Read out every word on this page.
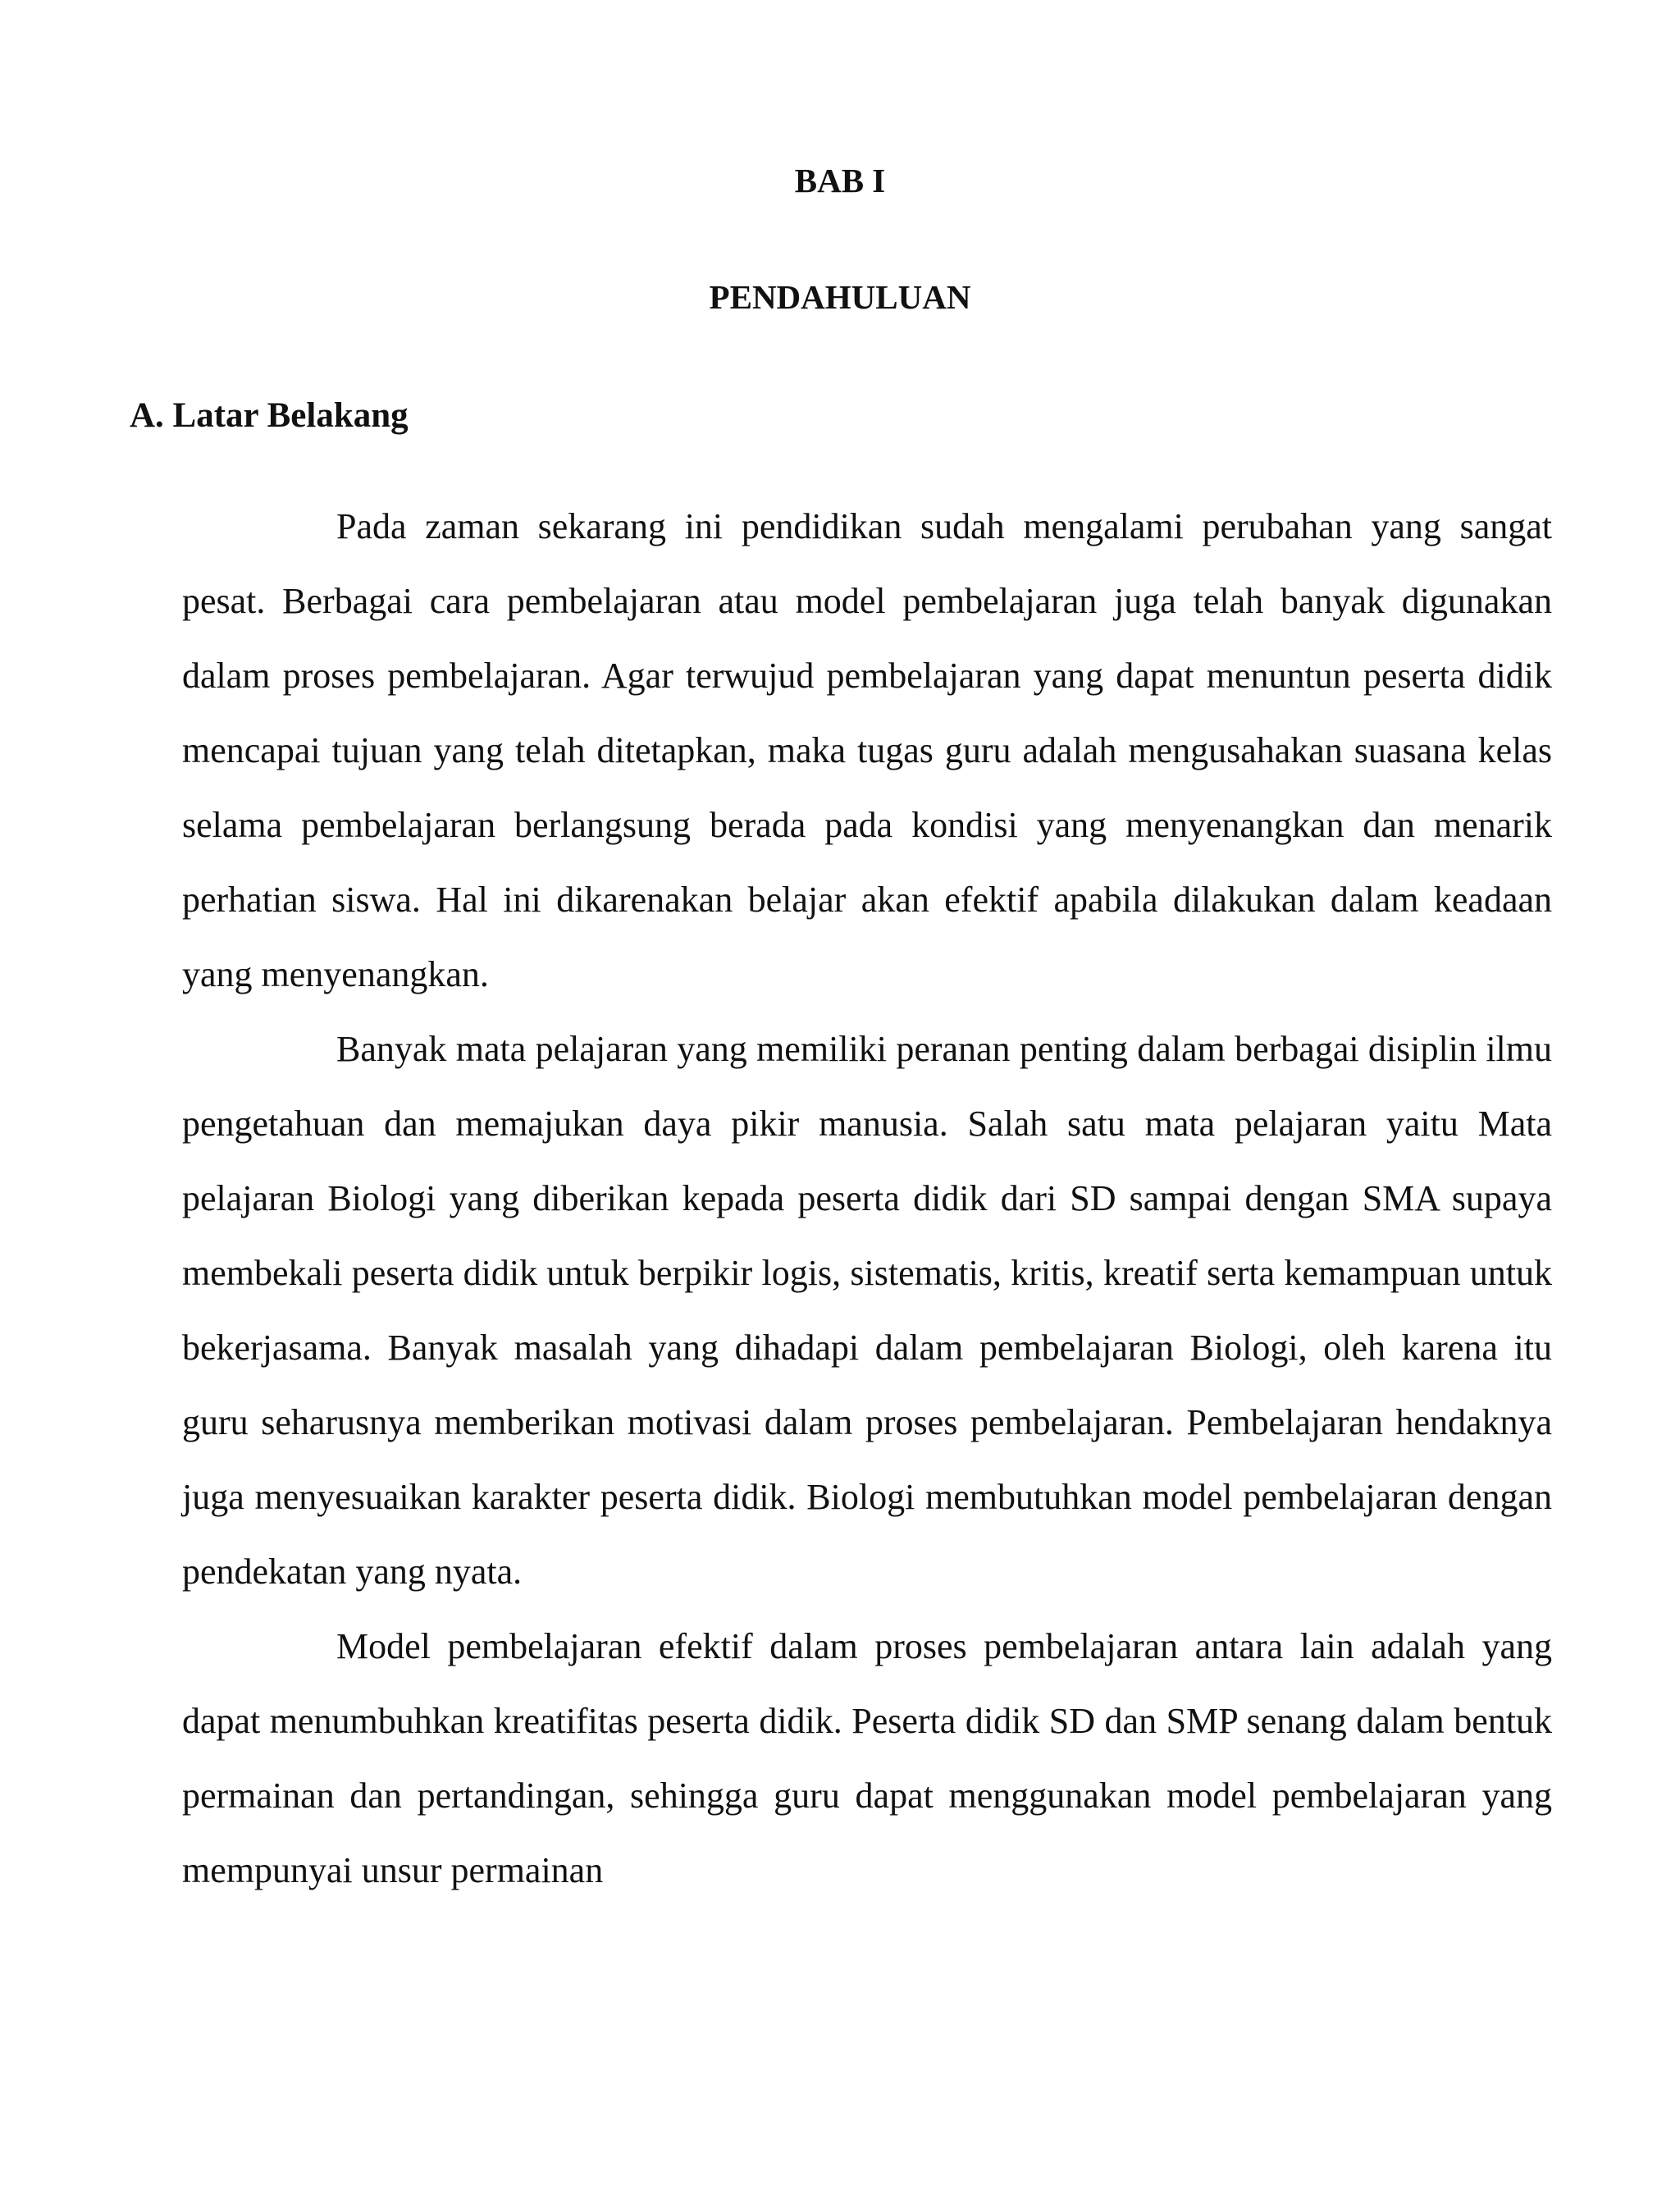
BAB I
PENDAHULUAN
A. Latar Belakang

Pada zaman sekarang ini pendidikan sudah mengalami perubahan yang sangat pesat. Berbagai cara pembelajaran atau model pembelajaran juga telah banyak digunakan dalam proses pembelajaran. Agar terwujud pembelajaran yang dapat menuntun peserta didik mencapai tujuan yang telah ditetapkan, maka tugas guru adalah mengusahakan suasana kelas selama pembelajaran berlangsung berada pada kondisi yang menyenangkan dan menarik perhatian siswa. Hal ini dikarenakan belajar akan efektif apabila dilakukan dalam keadaan yang menyenangkan.

Banyak mata pelajaran yang memiliki peranan penting dalam berbagai disiplin ilmu pengetahuan dan memajukan daya pikir manusia. Salah satu mata pelajaran yaitu Mata pelajaran Biologi yang diberikan kepada peserta didik dari SD sampai dengan SMA supaya membekali peserta didik untuk berpikir logis, sistematis, kritis, kreatif serta kemampuan untuk bekerjasama. Banyak masalah yang dihadapi dalam pembelajaran Biologi, oleh karena itu guru seharusnya memberikan motivasi dalam proses pembelajaran. Pembelajaran hendaknya juga menyesuaikan karakter peserta didik. Biologi membutuhkan model pembelajaran dengan pendekatan yang nyata.

Model pembelajaran efektif dalam proses pembelajaran antara lain adalah yang dapat menumbuhkan kreatifitas peserta didik. Peserta didik SD dan SMP senang dalam bentuk permainan dan pertandingan, sehingga guru dapat menggunakan model pembelajaran yang mempunyai unsur permainan
